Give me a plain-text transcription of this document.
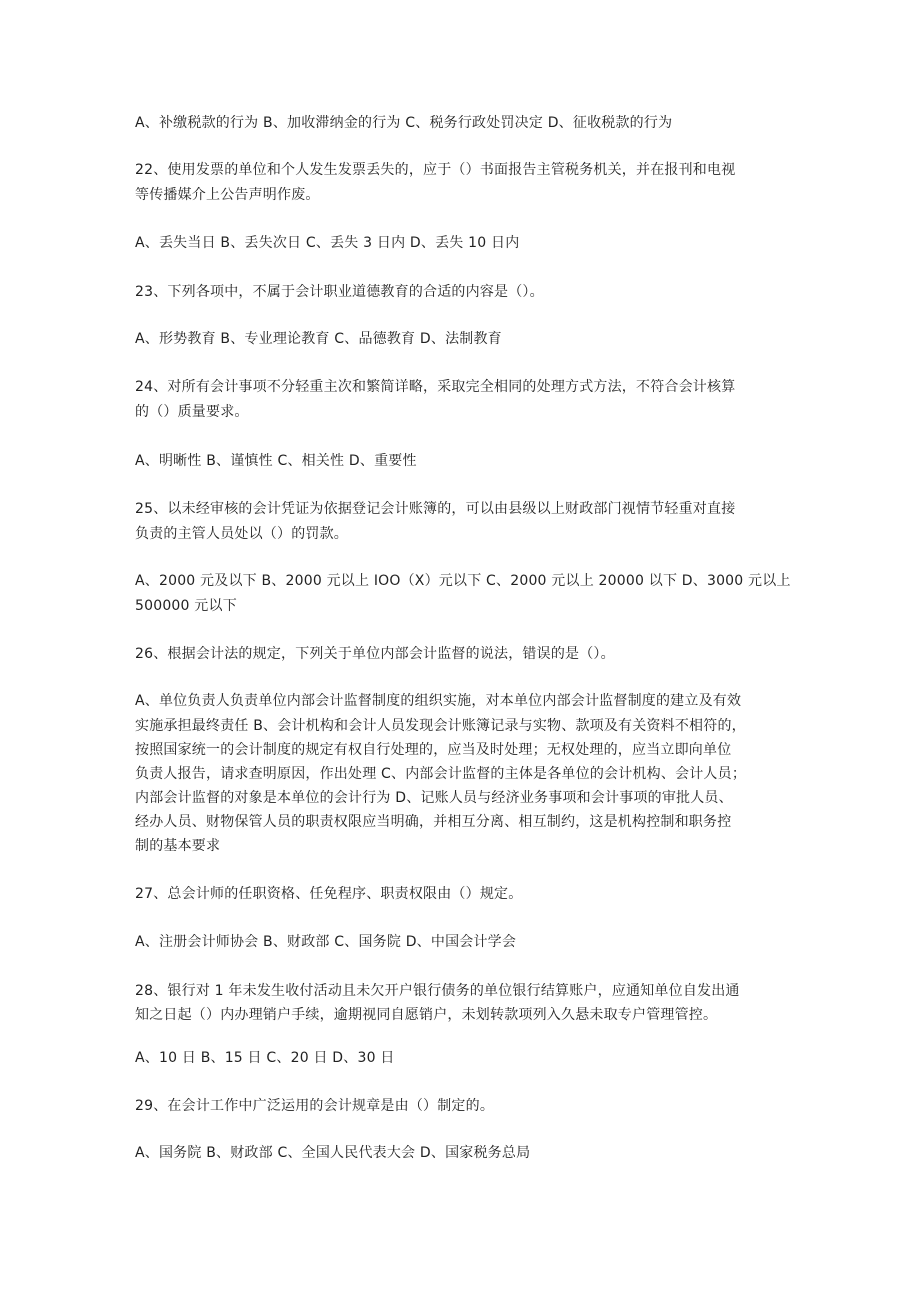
A、补缴税款的行为 B、加收滞纳金的行为 C、税务行政处罚决定 D、征收税款的行为
22、使用发票的单位和个人发生发票丢失的，应于（）书面报告主管税务机关，并在报刊和电视
等传播媒介上公告声明作废。
A、丢失当日 B、丢失次日 C、丢失 3 日内 D、丢失 10 日内
23、下列各项中，不属于会计职业道德教育的合适的内容是（）。
A、形势教育 B、专业理论教育 C、品德教育 D、法制教育
24、对所有会计事项不分轻重主次和繁简详略，采取完全相同的处理方式方法，不符合会计核算
的（）质量要求。
A、明晰性 B、谨慎性 C、相关性 D、重要性
25、以未经审核的会计凭证为依据登记会计账簿的，可以由县级以上财政部门视情节轻重对直接
负责的主管人员处以（）的罚款。
A、2000 元及以下 B、2000 元以上 IOO（X）元以下 C、2000 元以上 20000 以下 D、3000 元以上
500000 元以下
26、根据会计法的规定，下列关于单位内部会计监督的说法，错误的是（）。
A、单位负责人负责单位内部会计监督制度的组织实施，对本单位内部会计监督制度的建立及有效
实施承担最终责任 B、会计机构和会计人员发现会计账簿记录与实物、款项及有关资料不相符的，
按照国家统一的会计制度的规定有权自行处理的，应当及时处理；无权处理的，应当立即向单位
负责人报告，请求查明原因，作出处理 C、内部会计监督的主体是各单位的会计机构、会计人员；
内部会计监督的对象是本单位的会计行为 D、记账人员与经济业务事项和会计事项的审批人员、
经办人员、财物保管人员的职责权限应当明确，并相互分离、相互制约，这是机构控制和职务控
制的基本要求
27、总会计师的任职资格、任免程序、职责权限由（）规定。
A、注册会计师协会 B、财政部 C、国务院 D、中国会计学会
28、银行对 1 年未发生收付活动且未欠开户银行债务的单位银行结算账户，应通知单位自发出通
知之日起（）内办理销户手续，逾期视同自愿销户，未划转款项列入久悬未取专户管理管控。
A、10 日 B、15 日 C、20 日 D、30 日
29、在会计工作中广泛运用的会计规章是由（）制定的。
A、国务院 B、财政部 C、全国人民代表大会 D、国家税务总局
